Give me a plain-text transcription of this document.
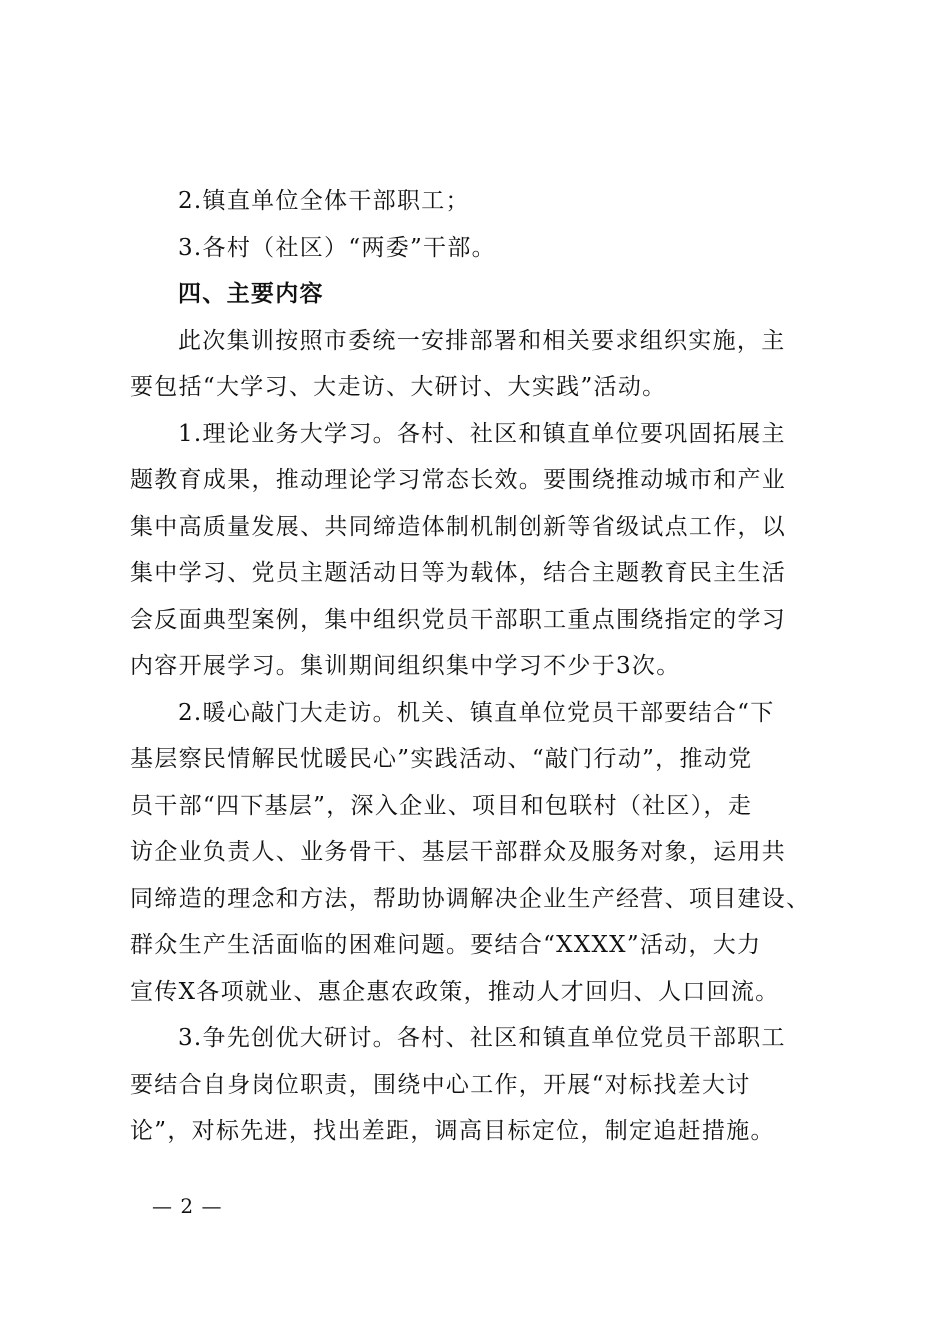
2.镇直单位全体干部职工；
3.各村（社区）“两委”干部。
四、主要内容
此次集训按照市委统一安排部署和相关要求组织实施，主
要包括“大学习、大走访、大研讨、大实践”活动。
1.理论业务大学习。各村、社区和镇直单位要巩固拓展主
题教育成果，推动理论学习常态长效。要围绕推动城市和产业
集中高质量发展、共同缔造体制机制创新等省级试点工作，以
集中学习、党员主题活动日等为载体，结合主题教育民主生活
会反面典型案例，集中组织党员干部职工重点围绕指定的学习
内容开展学习。集训期间组织集中学习不少于3次。
2.暖心敲门大走访。机关、镇直单位党员干部要结合“下
基层察民情解民忧暖民心”实践活动、“敲门行动”，推动党
员干部“四下基层”，深入企业、项目和包联村（社区），走
访企业负责人、业务骨干、基层干部群众及服务对象，运用共
同缔造的理念和方法，帮助协调解决企业生产经营、项目建设、
群众生产生活面临的困难问题。要结合“XXXX”活动，大力
宣传X各项就业、惠企惠农政策，推动人才回归、人口回流。
3.争先创优大研讨。各村、社区和镇直单位党员干部职工
要结合自身岗位职责，围绕中心工作，开展“对标找差大讨
论”，对标先进，找出差距，调高目标定位，制定追赶措施。
— 2 —
